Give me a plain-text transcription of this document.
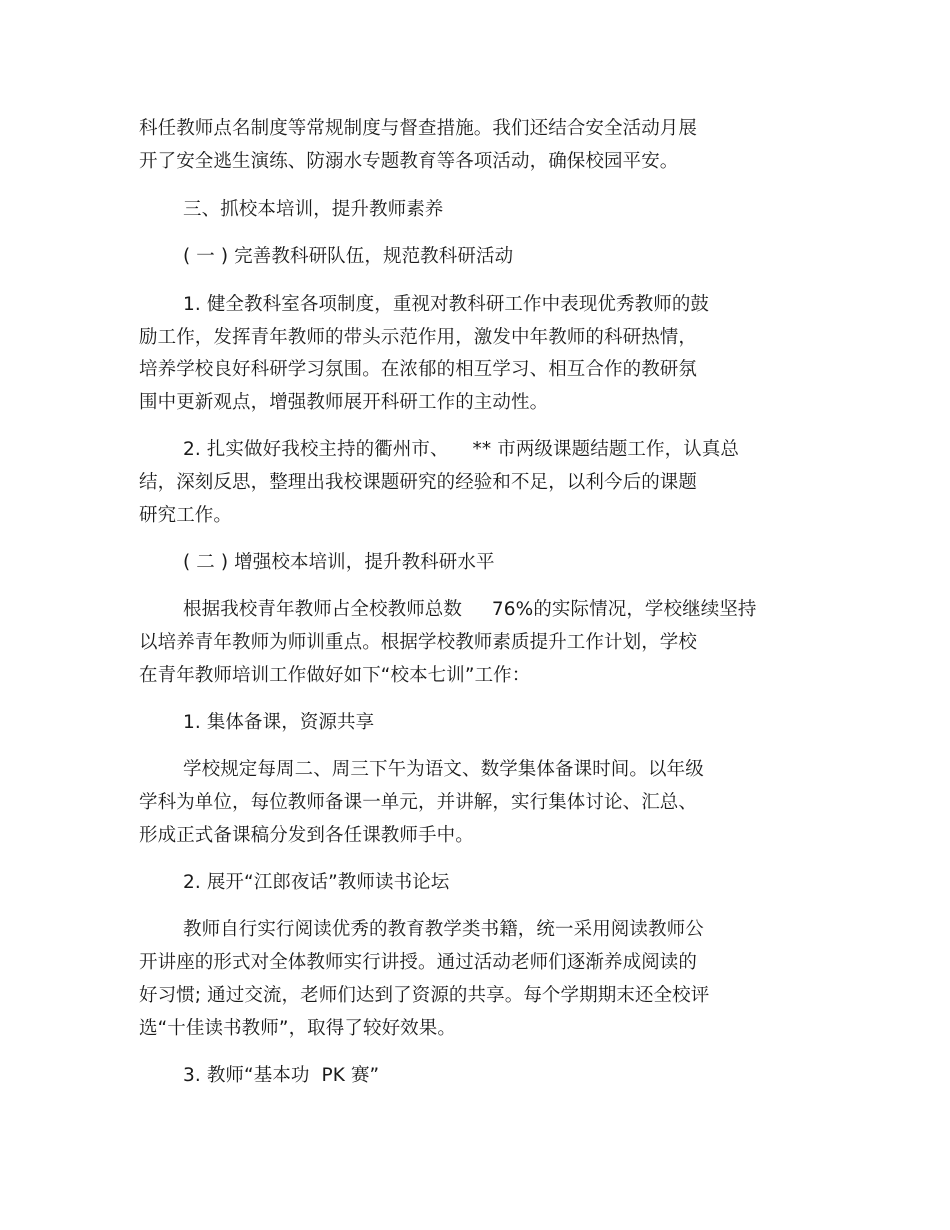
科任教师点名制度等常规制度与督查措施。我们还结合安全活动月展
开了安全逃生演练、防溺水专题教育等各项活动，确保校园平安。
三、抓校本培训，提升教师素养
( 一 ) 完善教科研队伍，规范教科研活动
1. 健全教科室各项制度，重视对教科研工作中表现优秀教师的鼓
励工作，发挥青年教师的带头示范作用，激发中年教师的科研热情，
培养学校良好科研学习氛围。在浓郁的相互学习、相互合作的教研氛
围中更新观点，增强教师展开科研工作的主动性。
2. 扎实做好我校主持的衢州市、    ** 市两级课题结题工作，认真总
结，深刻反思，整理出我校课题研究的经验和不足，以利今后的课题
研究工作。
( 二 ) 增强校本培训，提升教科研水平
根据我校青年教师占全校教师总数     76%的实际情况，学校继续坚持
以培养青年教师为师训重点。根据学校教师素质提升工作计划，学校
在青年教师培训工作做好如下“校本七训”工作：
1. 集体备课，资源共享
学校规定每周二、周三下午为语文、数学集体备课时间。以年级
学科为单位，每位教师备课一单元，并讲解，实行集体讨论、汇总、
形成正式备课稿分发到各任课教师手中。
2. 展开“江郎夜话”教师读书论坛
教师自行实行阅读优秀的教育教学类书籍，统一采用阅读教师公
开讲座的形式对全体教师实行讲授。通过活动老师们逐渐养成阅读的
好习惯; 通过交流，老师们达到了资源的共享。每个学期期末还全校评
选“十佳读书教师”，取得了较好效果。
3. 教师“基本功  PK 赛”
